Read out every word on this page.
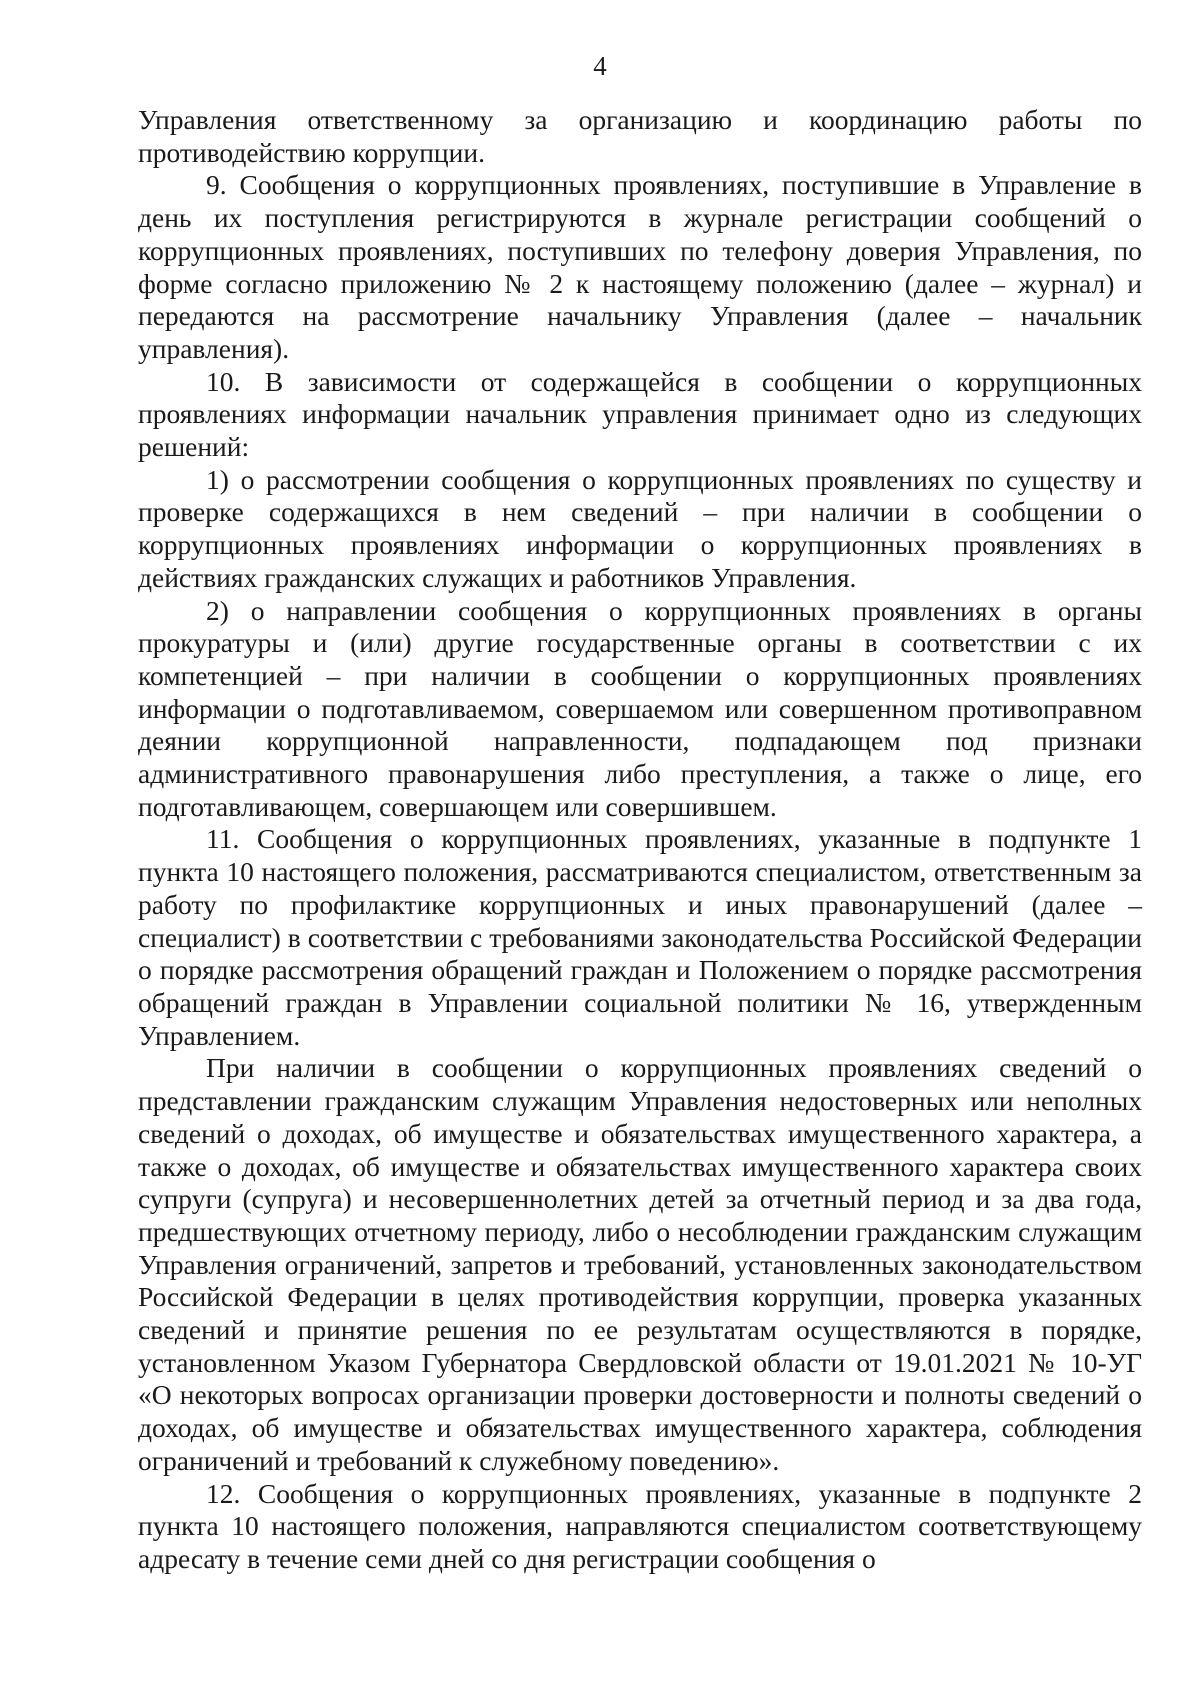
4

Управления ответственному за организацию и координацию работы по противодействию коррупции.

9. Сообщения о коррупционных проявлениях, поступившие в Управление в день их поступления регистрируются в журнале регистрации сообщений о коррупционных проявлениях, поступивших по телефону доверия Управления, по форме согласно приложению № 2 к настоящему положению (далее – журнал) и передаются на рассмотрение начальнику Управления (далее – начальник управления).

10. В зависимости от содержащейся в сообщении о коррупционных проявлениях информации начальник управления принимает одно из следующих решений:

1) о рассмотрении сообщения о коррупционных проявлениях по существу и проверке содержащихся в нем сведений – при наличии в сообщении о коррупционных проявлениях информации о коррупционных проявлениях в действиях гражданских служащих и работников Управления.

2) о направлении сообщения о коррупционных проявлениях в органы прокуратуры и (или) другие государственные органы в соответствии с их компетенцией – при наличии в сообщении о коррупционных проявлениях информации о подготавливаемом, совершаемом или совершенном противоправном деянии коррупционной направленности, подпадающем под признаки административного правонарушения либо преступления, а также о лице, его подготавливающем, совершающем или совершившем.

11. Сообщения о коррупционных проявлениях, указанные в подпункте 1 пункта 10 настоящего положения, рассматриваются специалистом, ответственным за работу по профилактике коррупционных и иных правонарушений (далее – специалист) в соответствии с требованиями законодательства Российской Федерации о порядке рассмотрения обращений граждан и Положением о порядке рассмотрения обращений граждан в Управлении социальной политики № 16, утвержденным Управлением.

При наличии в сообщении о коррупционных проявлениях сведений о представлении гражданским служащим Управления недостоверных или неполных сведений о доходах, об имуществе и обязательствах имущественного характера, а также о доходах, об имуществе и обязательствах имущественного характера своих супруги (супруга) и несовершеннолетних детей за отчетный период и за два года, предшествующих отчетному периоду, либо о несоблюдении гражданским служащим Управления ограничений, запретов и требований, установленных законодательством Российской Федерации в целях противодействия коррупции, проверка указанных сведений и принятие решения по ее результатам осуществляются в порядке, установленном Указом Губернатора Свердловской области от 19.01.2021 № 10-УГ «О некоторых вопросах организации проверки достоверности и полноты сведений о доходах, об имуществе и обязательствах имущественного характера, соблюдения ограничений и требований к служебному поведению».

12. Сообщения о коррупционных проявлениях, указанные в подпункте 2 пункта 10 настоящего положения, направляются специалистом соответствующему адресату в течение семи дней со дня регистрации сообщения о
